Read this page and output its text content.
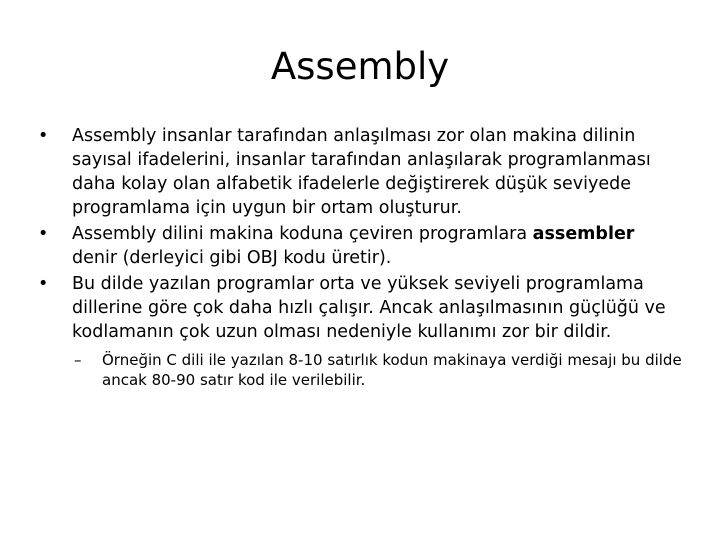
Assembly
• Assembly insanlar tarafından anlaşılması zor olan makina dilinin sayısal ifadelerini, insanlar tarafından anlaşılarak programlanması daha kolay olan alfabetik ifadelerle değiştirerek düşük seviyede programlama için uygun bir ortam oluşturur.
• Assembly dilini makina koduna çeviren programlara assembler denir (derleyici gibi OBJ kodu üretir).
• Bu dilde yazılan programlar orta ve yüksek seviyeli programlama dillerine göre çok daha hızlı çalışır. Ancak anlaşılmasının güçlüğü ve kodlamanın çok uzun olması nedeniyle kullanımı zor bir dildir.
– Örneğin C dili ile yazılan 8-10 satırlık kodun makinaya verdiği mesajı bu dilde ancak 80-90 satır kod ile verilebilir.
